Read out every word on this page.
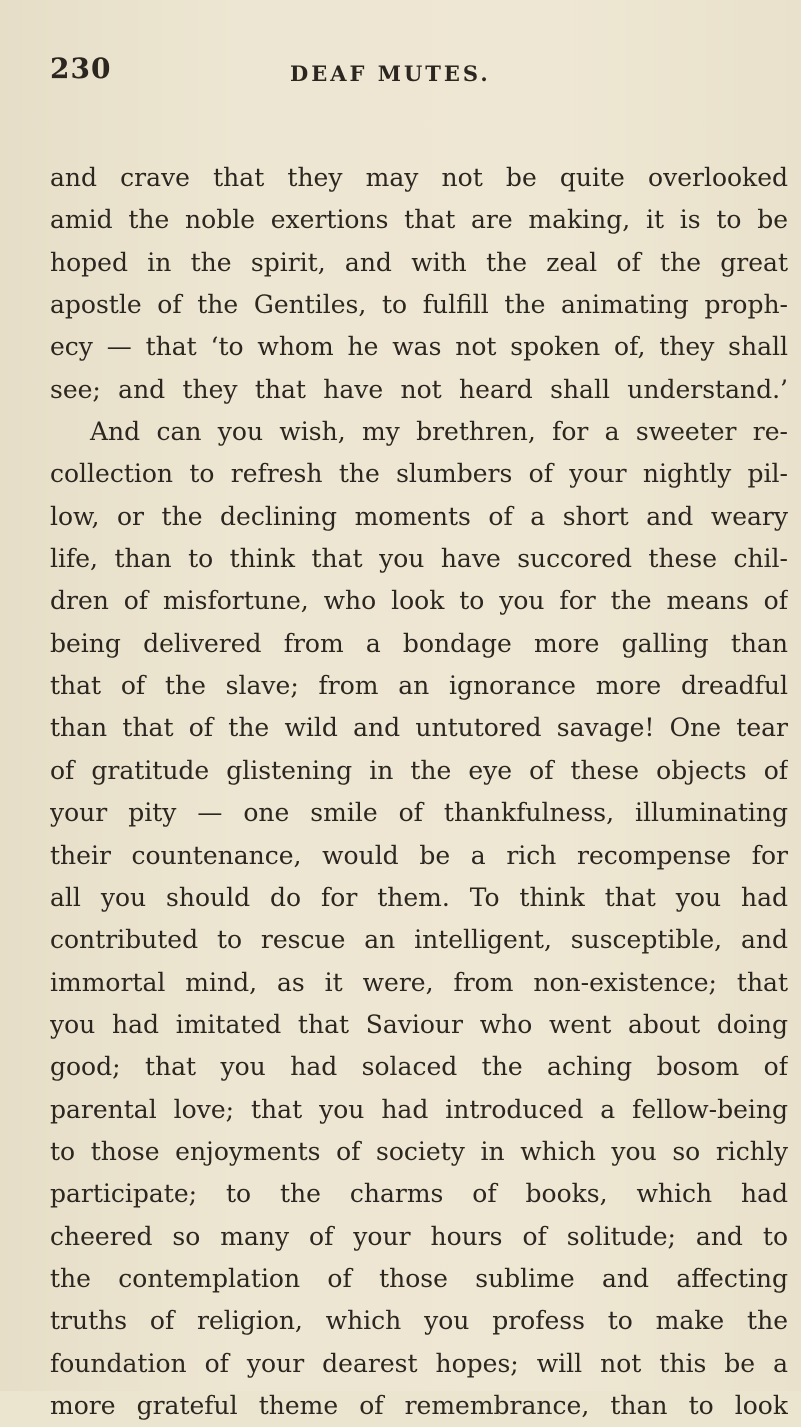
230	DEAF MUTES.
and crave that they may not be quite overlooked
amid the noble exertions that are making, it is to be
hoped in the spirit, and with the zeal of the great
apostle of the Gentiles, to fulfill the animating proph-
ecy — that ‘to whom he was not spoken of, they shall
see; and they that have not heard shall understand.’
And can you wish, my brethren, for a sweeter re-
collection to refresh the slumbers of your nightly pil-
low, or the declining moments of a short and weary
life, than to think that you have succored these chil-
dren of misfortune, who look to you for the means of
being delivered from a bondage more galling than
that of the slave; from an ignorance more dreadful
than that of the wild and untutored savage! One tear
of gratitude glistening in the eye of these objects of
your pity — one smile of thankfulness, illuminating
their countenance, would be a rich recompense for
all you should do for them. To think that you had
contributed to rescue an intelligent, susceptible, and
immortal mind, as it were, from non-existence; that
you had imitated that Saviour who went about doing
good; that you had solaced the aching bosom of
parental love; that you had introduced a fellow-being
to those enjoyments of society in which you so richly
participate; to the charms of books, which had
cheered so many of your hours of solitude; and to
the contemplation of those sublime and affecting
truths of religion, which you profess to make the
foundation of your dearest hopes; will not this be a
more grateful theme of remembrance, than to look
